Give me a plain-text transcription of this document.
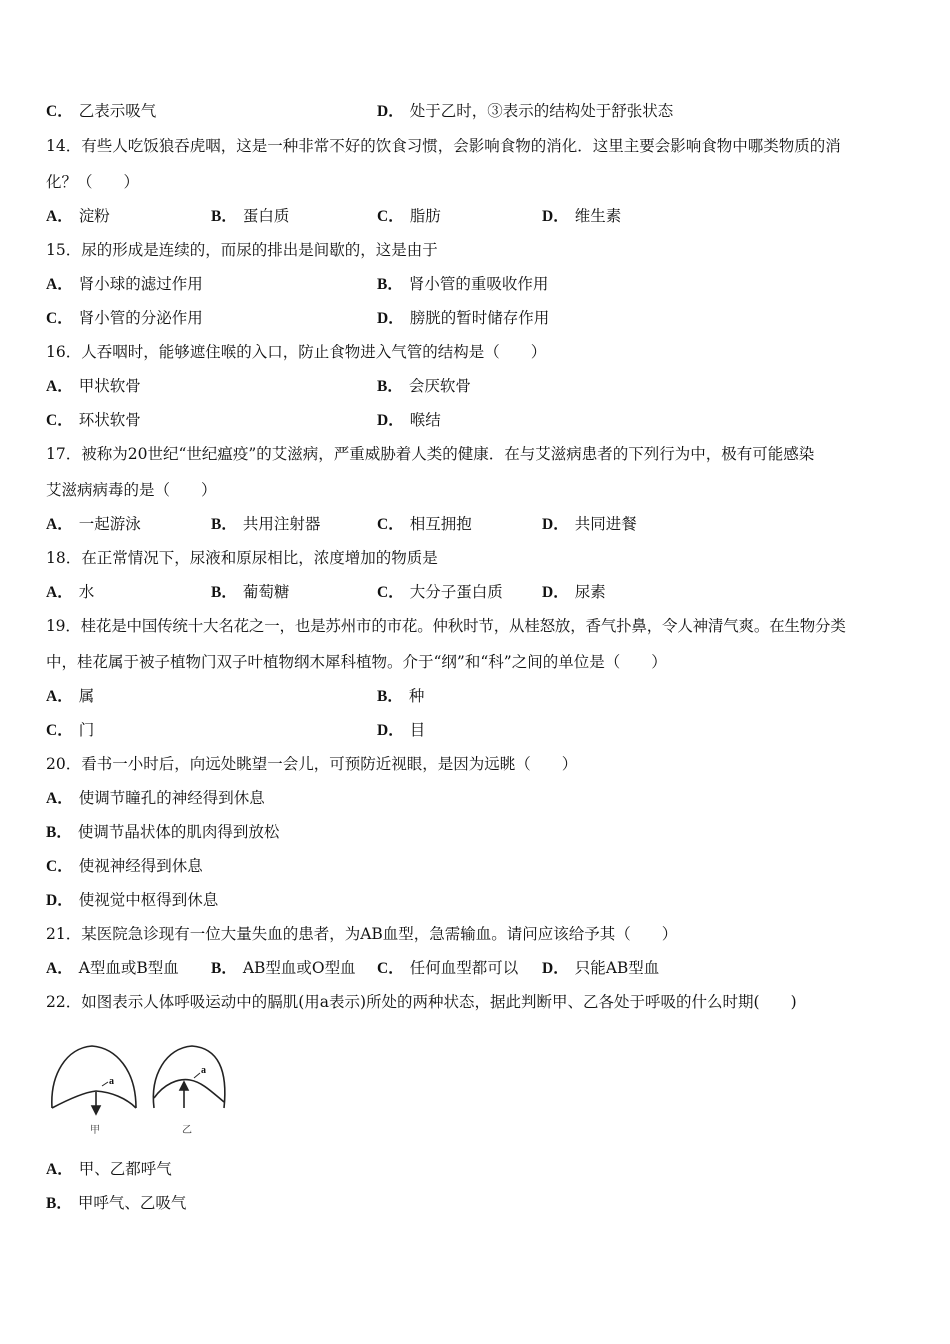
C． 乙表示吸气	D． 处于乙时，③表示的结构处于舒张状态
14．有些人吃饭狼吞虎咽，这是一种非常不好的饮食习惯，会影响食物的消化．这里主要会影响食物中哪类物质的消
化？（　　）
A． 淀粉	B． 蛋白质	C． 脂肪	D． 维生素
15．尿的形成是连续的，而尿的排出是间歇的，这是由于
A． 肾小球的滤过作用	B． 肾小管的重吸收作用
C． 肾小管的分泌作用	D． 膀胱的暂时储存作用
16．人吞咽时，能够遮住喉的入口，防止食物进入气管的结构是（　　）
A． 甲状软骨	B． 会厌软骨
C． 环状软骨	D． 喉结
17．被称为20世纪“世纪瘟疫”的艾滋病，严重威胁着人类的健康．在与艾滋病患者的下列行为中，极有可能感染
艾滋病病毒的是（　　）
A． 一起游泳	B． 共用注射器	C． 相互拥抱	D． 共同进餐
18．在正常情况下，尿液和原尿相比，浓度增加的物质是
A． 水	B． 葡萄糖	C． 大分子蛋白质	D． 尿素
19．桂花是中国传统十大名花之一，也是苏州市的市花。仲秋时节，从桂怒放，香气扑鼻，令人神清气爽。在生物分类
中，桂花属于被子植物门双子叶植物纲木犀科植物。介于“纲”和“科”之间的单位是（　　）
A． 属	B． 种
C． 门	D． 目
20．看书一小时后，向远处眺望一会儿，可预防近视眼，是因为远眺（　　）
A． 使调节瞳孔的神经得到休息
B． 使调节晶状体的肌肉得到放松
C． 使视神经得到休息
D． 使视觉中枢得到休息
21．某医院急诊现有一位大量失血的患者，为AB血型，急需输血。请问应该给予其（　　）
A． A型血或B型血 B． AB型血或O型血 C． 任何血型都可以 D． 只能AB型血
22．如图表示人体呼吸运动中的膈肌(用a表示)所处的两种状态，据此判断甲、乙各处于呼吸的什么时期(　　)
a
甲
a
乙
A． 甲、乙都呼气
B． 甲呼气、乙吸气
